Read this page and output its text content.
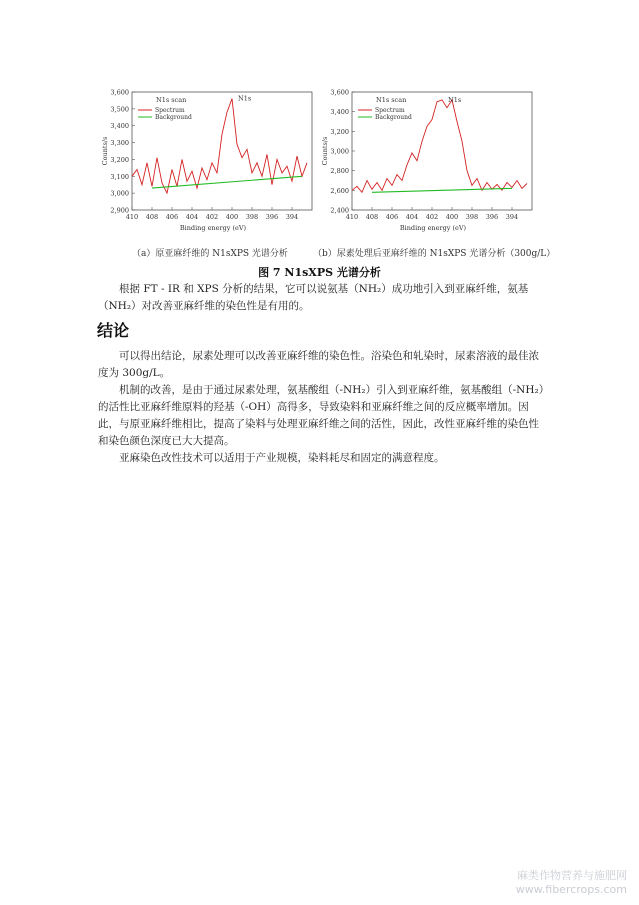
3,600
3,500
3,400
3,300
3,200
3,100
3,000
2,900
410 408 406 404 402 400 398 396 394
Binding energy (eV)
Counts/s
N1s scan	N1s
Spectrum
Background
3,600
3,400
3,200
3,000
2,800
2,600
2,400
410 408 406 404 402 400 398 396 394
Binding energy (eV)
Counts/s
N1s scan	N1s
Spectrum
Background
（a）原亚麻纤维的 N1sXPS 光谱分析	（b）尿素处理后亚麻纤维的 N1sXPS 光谱分析（300g/L）
图 7 N1sXPS 光谱分析

根据 FT - IR 和 XPS 分析的结果，它可以说氨基（NH₂）成功地引入到亚麻纤维，氨基（NH₂）对改善亚麻纤维的染色性是有用的。

结论

可以得出结论，尿素处理可以改善亚麻纤维的染色性。浴染色和轧染时，尿素溶液的最佳浓度为 300g/L。

机制的改善，是由于通过尿素处理，氨基酸组（-NH₂）引入到亚麻纤维，氨基酸组（-NH₂）的活性比亚麻纤维原料的羟基（-OH）高得多，导致染料和亚麻纤维之间的反应概率增加。因此，与原亚麻纤维相比，提高了染料与处理亚麻纤维之间的活性，因此，改性亚麻纤维的染色性和染色颜色深度已大大提高。

亚麻染色改性技术可以适用于产业规模，染料耗尽和固定的满意程度。

麻类作物营养与施肥网
www.fibercrops.com
